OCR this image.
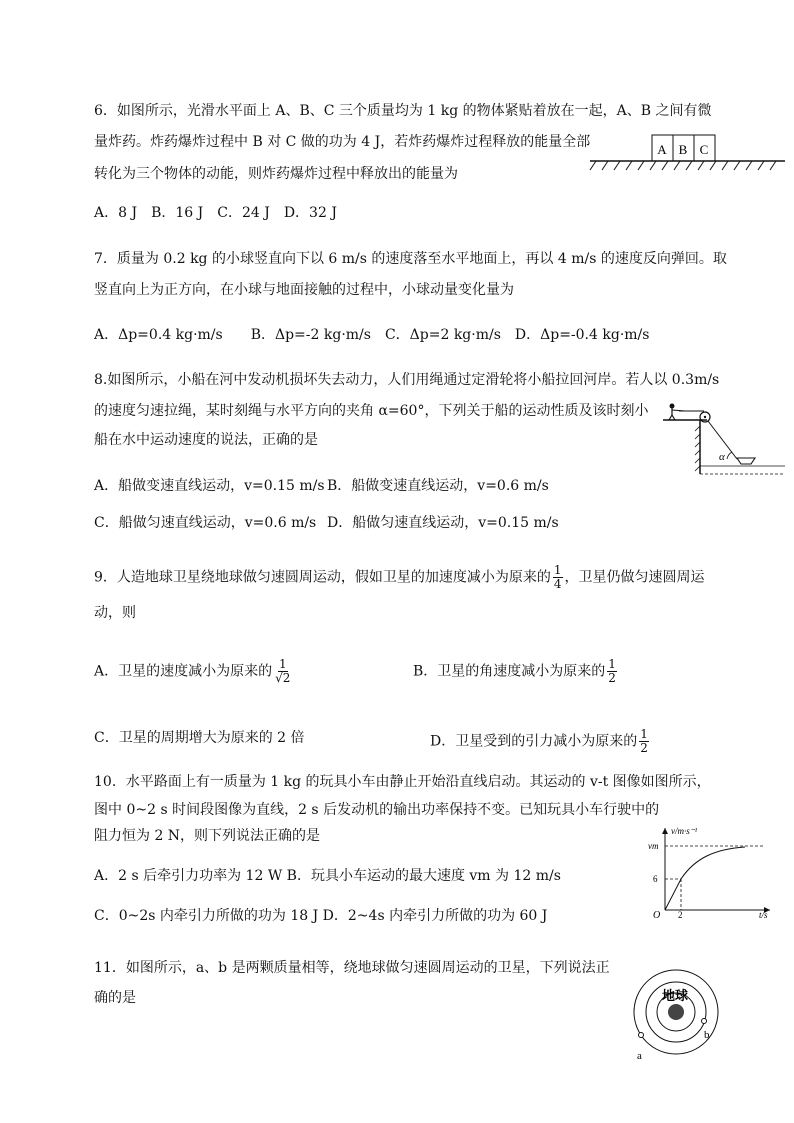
6．如图所示，光滑水平面上 A、B、C 三个质量均为 1 kg 的物体紧贴着放在一起，A、B 之间有微
量炸药。炸药爆炸过程中 B 对 C 做的功为 4 J，若炸药爆炸过程释放的能量全部
转化为三个物体的动能，则炸药爆炸过程中释放出的能量为
A．8 J　B．16 J　C．24 J　D．32 J
A B C
7．质量为 0.2 kg 的小球竖直向下以 6 m/s 的速度落至水平地面上，再以 4 m/s 的速度反向弹回。取
竖直向上为正方向，在小球与地面接触的过程中，小球动量变化量为
A．Δp=0.4 kg·m/s　　B．Δp=-2 kg·m/s　C．Δp=2 kg·m/s　D．Δp=-0.4 kg·m/s
8.如图所示，小船在河中发动机损坏失去动力，人们用绳通过定滑轮将小船拉回河岸。若人以 0.3m/s
的速度匀速拉绳，某时刻绳与水平方向的夹角 α=60°，下列关于船的运动性质及该时刻小
船在水中运动速度的说法，正确的是
A．船做变速直线运动，v=0.15 m/s B．船做变速直线运动，v=0.6 m/s
C．船做匀速直线运动，v=0.6 m/s D．船做匀速直线运动，v=0.15 m/s
α
9．人造地球卫星绕地球做匀速圆周运动，假如卫星的加速度减小为原来的 $\frac{1}{4}$ ，卫星仍做匀速圆周运
动，则
A．卫星的速度减小为原来的 $\frac{1}{√2}$	B．卫星的角速度减小为原来的 $\frac{1}{2}$
C．卫星的周期增大为原来的 2 倍	D．卫星受到的引力减小为原来的 $\frac{1}{2}$
10．水平路面上有一质量为 1 kg 的玩具小车由静止开始沿直线启动。其运动的 v-t 图像如图所示，
图中 0~2 s 时间段图像为直线，2 s 后发动机的输出功率保持不变。已知玩具小车行驶中的
阻力恒为 2 N，则下列说法正确的是
A．2 s 后牵引力功率为 12 W B．玩具小车运动的最大速度 vm 为 12 m/s
C．0~2s 内牵引力所做的功为 18 J D．2~4s 内牵引力所做的功为 60 J
v/m·s⁻¹
t/s
O
vm
6
2
11．如图所示，a、b 是两颗质量相等，绕地球做匀速圆周运动的卫星，下列说法正
确的是	地球
b
a
